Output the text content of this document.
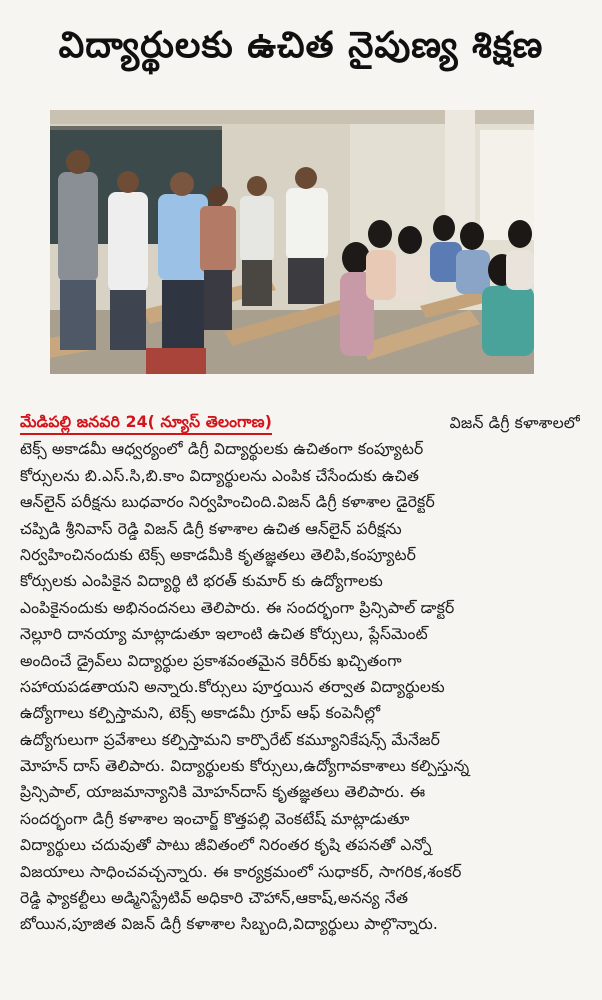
విద్యార్థులకు ఉచిత నైపుణ్య శిక్షణ
మేడిపల్లి జనవరి 24( న్యూస్ తెలంగాణ)	విజన్ డిగ్రీ కళాశాలలో
టెక్స్ అకాడమీ ఆధ్వర్యంలో డిగ్రీ విద్యార్థులకు ఉచితంగా కంప్యూటర్
కోర్సులను బి.ఎస్.సి,బి.కాం విద్యార్థులను ఎంపిక చేసేందుకు ఉచిత
ఆన్‌లైన్ పరీక్షను బుధవారం నిర్వహించింది.విజన్ డిగ్రీ కళాశాల డైరెక్టర్
చప్పిడి శ్రీనివాస్ రెడ్డి విజన్ డిగ్రీ కళాశాల ఉచిత ఆన్‌లైన్ పరీక్షను
నిర్వహించినందుకు టెక్స్ అకాడమీకి కృతజ్ఞతలు తెలిపి,కంప్యూటర్
కోర్సులకు ఎంపికైన విద్యార్థి టి భరత్ కుమార్ కు ఉద్యోగాలకు
ఎంపికైనందుకు అభినందనలు తెలిపారు. ఈ సందర్భంగా ప్రిన్సిపాల్ డాక్టర్
నెల్లూరి దానయ్యా మాట్లాడుతూ ఇలాంటి ఉచిత కోర్సులు, ప్లేస్‌మెంట్
అందించే డ్రైవ్‌లు విద్యార్థుల ప్రకాశవంతమైన కెరీర్‌కు ఖచ్చితంగా
సహాయపడతాయని అన్నారు.కోర్సులు పూర్తయిన తర్వాత విద్యార్థులకు
ఉద్యోగాలు కల్పిస్తామని, టెక్స్ అకాడమీ గ్రూప్ ఆఫ్ కంపెనీల్లో
ఉద్యోగులుగా ప్రవేశాలు కల్పిస్తామని కార్పొరేట్ కమ్యూనికేషన్స్ మేనేజర్
మోహన్ దాస్ తెలిపారు. విద్యార్థులకు కోర్సులు,ఉద్యోగావకాశాలు కల్పిస్తున్న
ప్రిన్సిపాల్, యాజమాన్యానికి మోహన్‌దాస్ కృతజ్ఞతలు తెలిపారు. ఈ
సందర్భంగా డిగ్రీ కళాశాల ఇంచార్జ్ కొత్తపల్లి వెంకటేష్ మాట్లాడుతూ
విద్యార్థులు చదువుతో పాటు జీవితంలో నిరంతర కృషి తపనతో ఎన్నో
విజయాలు సాధించవచ్చన్నారు. ఈ కార్యక్రమంలో సుధాకర్, సాగరిక,శంకర్
రెడ్డి ఫ్యాకల్టీలు అడ్మినిస్ట్రేటివ్ అధికారి చౌహాన్,ఆకాష్,అనన్య నేత
బోయిన,పూజిత విజన్ డిగ్రీ కళాశాల సిబ్బంది,విద్యార్థులు పాల్గొన్నారు.
